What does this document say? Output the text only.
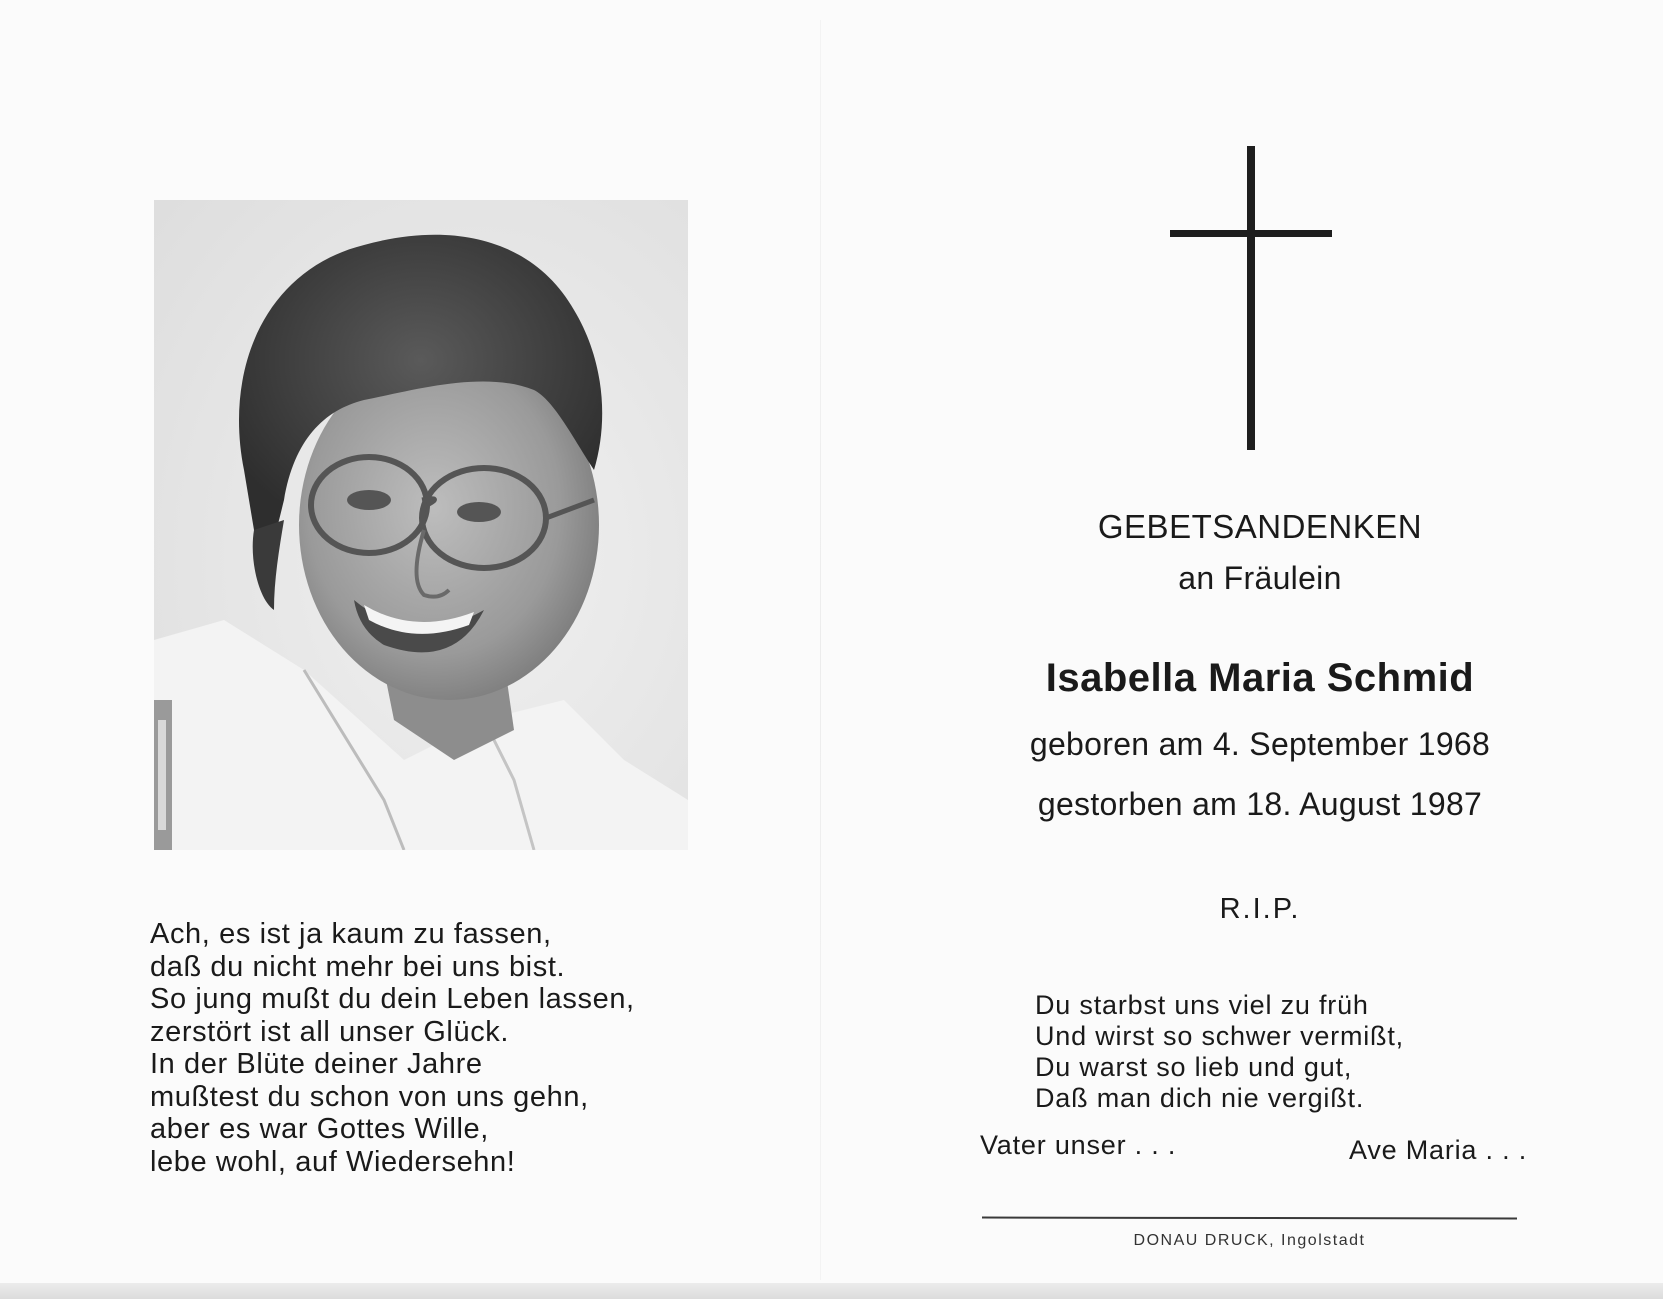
Ach, es ist ja kaum zu fassen,
daß du nicht mehr bei uns bist.
So jung mußt du dein Leben lassen,
zerstört ist all unser Glück.
In der Blüte deiner Jahre
mußtest du schon von uns gehn,
aber es war Gottes Wille,
lebe wohl, auf Wiedersehn!
GEBETSANDENKEN
an Fräulein
Isabella Maria Schmid
geboren am 4. September 1968
gestorben am 18. August 1987
R.I.P.
Du starbst uns viel zu früh
Und wirst so schwer vermißt,
Du warst so lieb und gut,
Daß man dich nie vergißt.
Vater unser . . .	Ave Maria . . .
DONAU DRUCK, Ingolstadt
